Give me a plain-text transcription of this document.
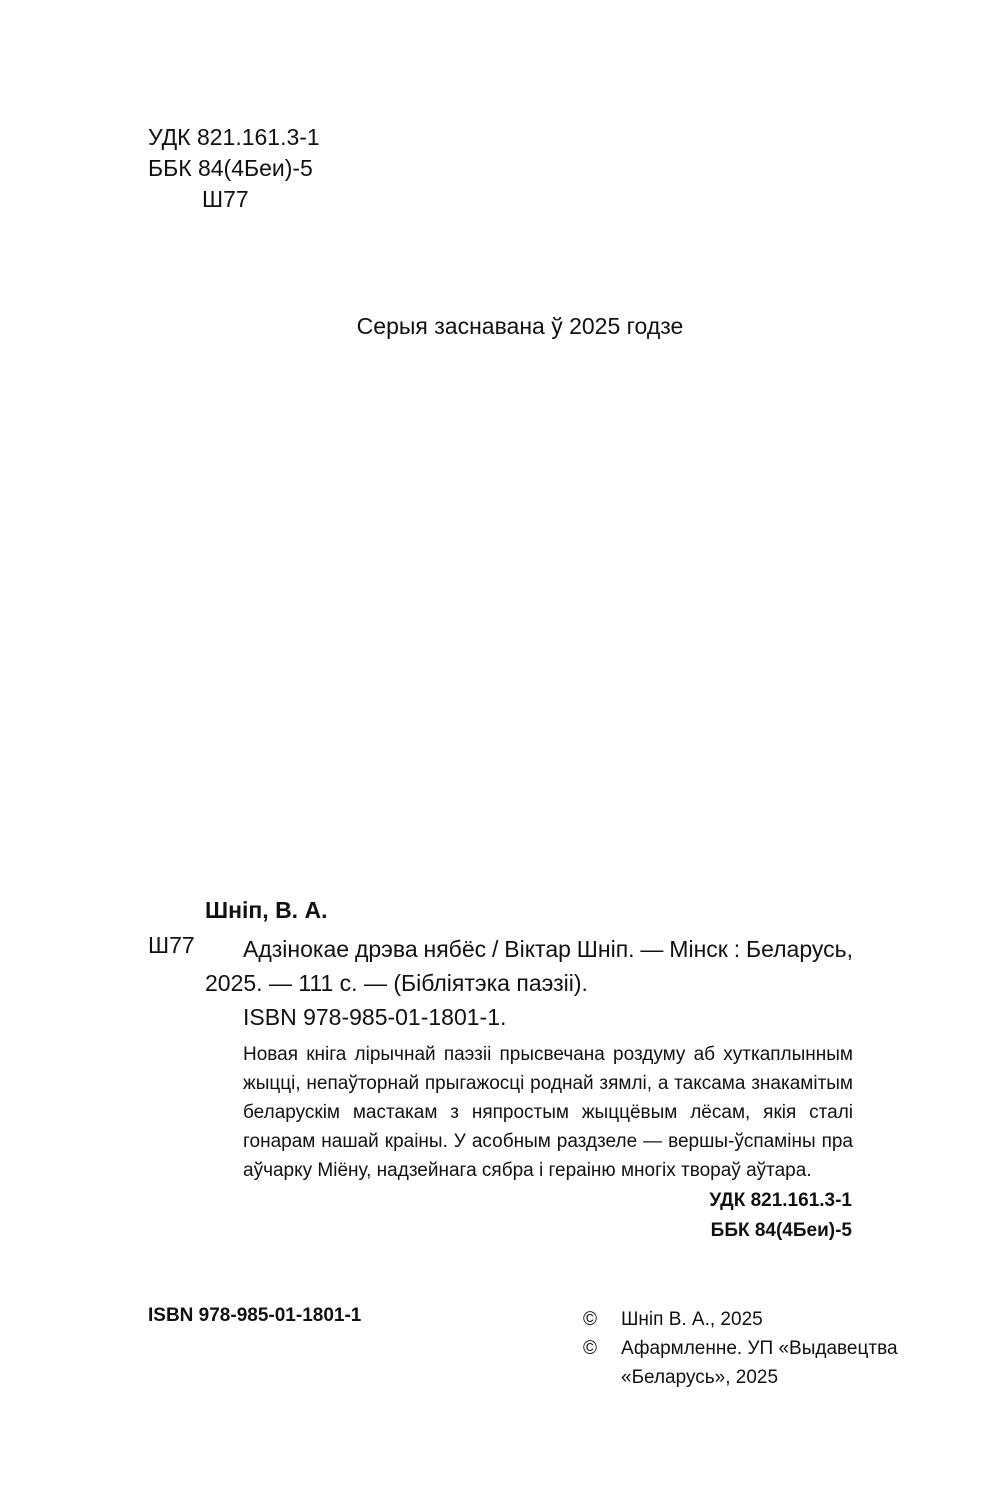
УДК 821.161.3-1
ББК 84(4Беи)-5
Ш77
Серыя заснавана ў 2025 годзе
Шніп, В. А.
Ш77 Адзінокае дрэва нябёс / Віктар Шніп. — Мінск : Беларусь,
2025. — 111 с. — (Бібліятэка паэзіі).
ISBN 978-985-01-1801-1.
Новая кніга лірычнай паэзіі прысвечана роздуму аб хуткаплынным жыцці, непаўторнай прыгажосці роднай зямлі, а таксама знакамітым беларускім мастакам з няпростым жыццёвым лёсам, якія сталі гонарам нашай краіны. У асобным раздзеле — вершы-ўспаміны пра аўчарку Міёну, надзейнага сябра і гераіню многіх твораў аўтара.
УДК 821.161.3-1
ББК 84(4Беи)-5
ISBN 978-985-01-1801-1	©	Шніп В. А., 2025
©	Афармленне. УП «Выдавецтва
«Беларусь», 2025
